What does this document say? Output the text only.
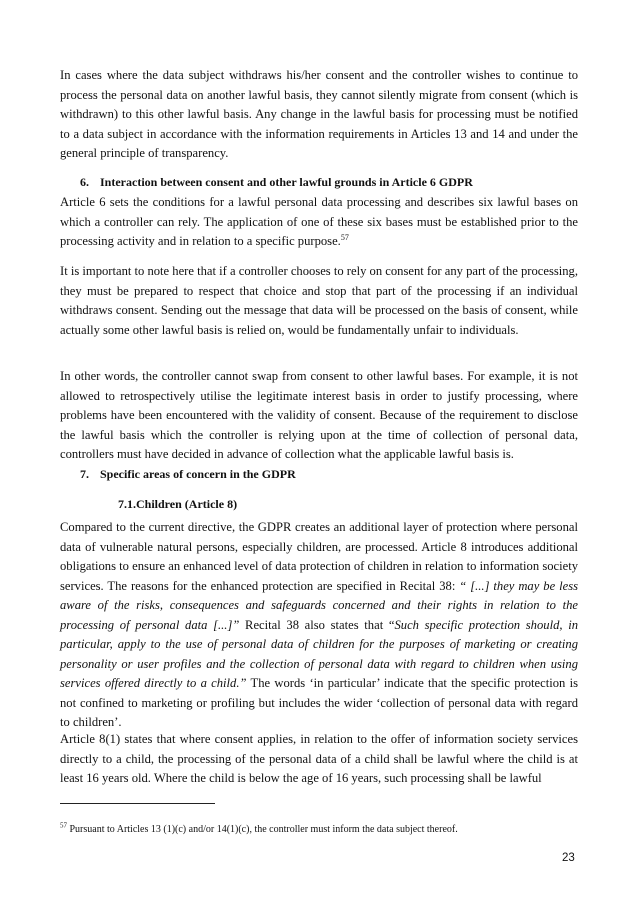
In cases where the data subject withdraws his/her consent and the controller wishes to continue to process the personal data on another lawful basis, they cannot silently migrate from consent (which is withdrawn) to this other lawful basis. Any change in the lawful basis for processing must be notified to a data subject in accordance with the information requirements in Articles 13 and 14 and under the general principle of transparency.

6. Interaction between consent and other lawful grounds in Article 6 GDPR

Article 6 sets the conditions for a lawful personal data processing and describes six lawful bases on which a controller can rely. The application of one of these six bases must be established prior to the processing activity and in relation to a specific purpose.$^{57}$

It is important to note here that if a controller chooses to rely on consent for any part of the processing, they must be prepared to respect that choice and stop that part of the processing if an individual withdraws consent. Sending out the message that data will be processed on the basis of consent, while actually some other lawful basis is relied on, would be fundamentally unfair to individuals.

In other words, the controller cannot swap from consent to other lawful bases. For example, it is not allowed to retrospectively utilise the legitimate interest basis in order to justify processing, where problems have been encountered with the validity of consent. Because of the requirement to disclose the lawful basis which the controller is relying upon at the time of collection of personal data, controllers must have decided in advance of collection what the applicable lawful basis is.

7. Specific areas of concern in the GDPR

7.1.Children (Article 8)

Compared to the current directive, the GDPR creates an additional layer of protection where personal data of vulnerable natural persons, especially children, are processed. Article 8 introduces additional obligations to ensure an enhanced level of data protection of children in relation to information society services. The reasons for the enhanced protection are specified in Recital 38: “ [...] they may be less aware of the risks, consequences and safeguards concerned and their rights in relation to the processing of personal data [...]” Recital 38 also states that “Such specific protection should, in particular, apply to the use of personal data of children for the purposes of marketing or creating personality or user profiles and the collection of personal data with regard to children when using services offered directly to a child.” The words ‘in particular’ indicate that the specific protection is not confined to marketing or profiling but includes the wider ‘collection of personal data with regard to children’.

Article 8(1) states that where consent applies, in relation to the offer of information society services directly to a child, the processing of the personal data of a child shall be lawful where the child is at least 16 years old. Where the child is below the age of 16 years, such processing shall be lawful

$^{57}$ Pursuant to Articles 13 (1)(c) and/or 14(1)(c), the controller must inform the data subject thereof.

23
